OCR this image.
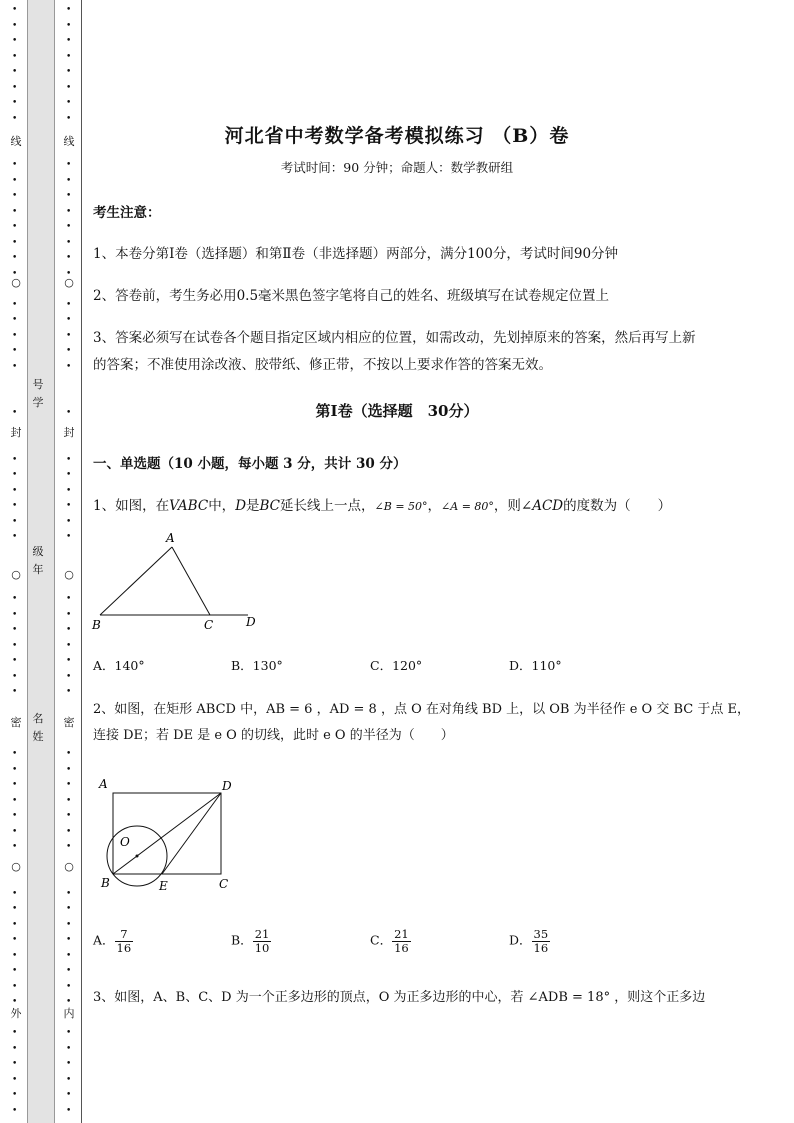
•
•
•
•
•
•
•
•
•
•
•
•
•
•
•
•
•
•
•
•
•
•
•
•
•
•
•
•
•
•
•
•
•
•
•
•
•
•
•
•
•
•
•
•
•
•
•
•
•
•
•
•
•
•
•
•
•
•
•
•
•
•
•
•
•
•
•
•
•
•
•
•
•
•
•
•
•
•
•
•
•
•
•
•
•
•
•
•
•
•
•
•
•
•
•
•
•
•
•
•
•
•
•
•
•
•
•
•
•
•
•
•
线
○
封
○
密
○
外
线
○
封
○
密
○
内
号学
级年
名姓
河北省中考数学备考模拟练习 （B）卷
考试时间：90 分钟；命题人：数学教研组
考生注意：
1、本卷分第Ⅰ卷（选择题）和第Ⅱ卷（非选择题）两部分，满分100分，考试时间90分钟
2、答卷前，考生务必用0.5毫米黑色签字笔将自己的姓名、班级填写在试卷规定位置上
3、答案必须写在试卷各个题目指定区域内相应的位置，如需改动，先划掉原来的答案，然后再写上新
的答案；不准使用涂改液、胶带纸、修正带，不按以上要求作答的答案无效。
第Ⅰ卷（选择题　30分）
一、单选题（10 小题，每小题 3 分，共计 30 分）
1、如图，在VABC中，D是BC延长线上一点，∠B = 50°，∠A = 80°，则∠ACD的度数为（　　）
A
B	C	D
A．140°	B．130°	C．120°	D．110°
2、如图，在矩形 ABCD 中，AB = 6 ，AD = 8 ，点 O 在对角线 BD 上，以 OB 为半径作 e O 交 BC 于点 E，
连接 DE；若 DE 是 e O 的切线，此时 e O 的半径为（　　）
A	D
O
B	E	C
A． $\frac{7}{16}$	B． $\frac{21}{10}$	C． $\frac{21}{16}$	D． $\frac{35}{16}$
3、如图，A、B、C、D 为一个正多边形的顶点，O 为正多边形的中心，若 ∠ADB = 18° ，则这个正多边
